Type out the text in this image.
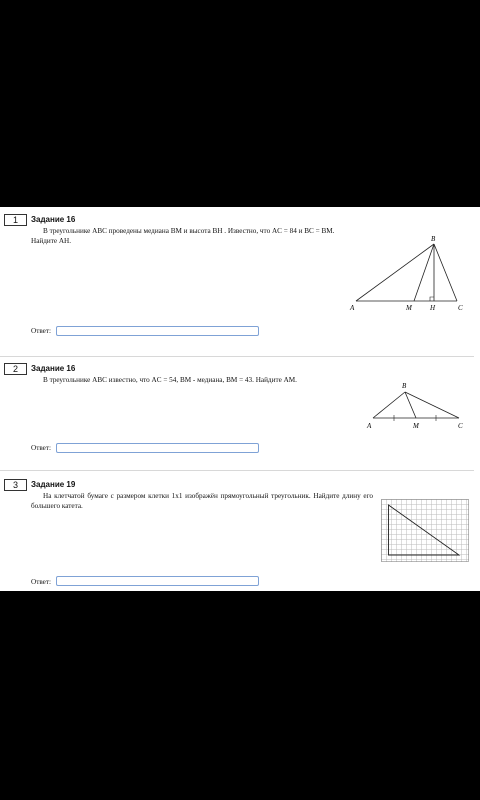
1	Задание 16
В треугольнике ABC проведены медиана BM и высота BH . Известно, что AC = 84 и BC = BM. Найдите AH.	B
A	M	H	C
Ответ:
2	Задание 16
В треугольнике ABC известно, что AC = 54, BM - медиана, BM = 43. Найдите AM.
B
A	M	C
Ответ:
3	Задание 19
На клетчатой бумаге с размером клетки 1x1 изображён прямоугольный треугольник. Найдите длину его большего катета.
Ответ:
